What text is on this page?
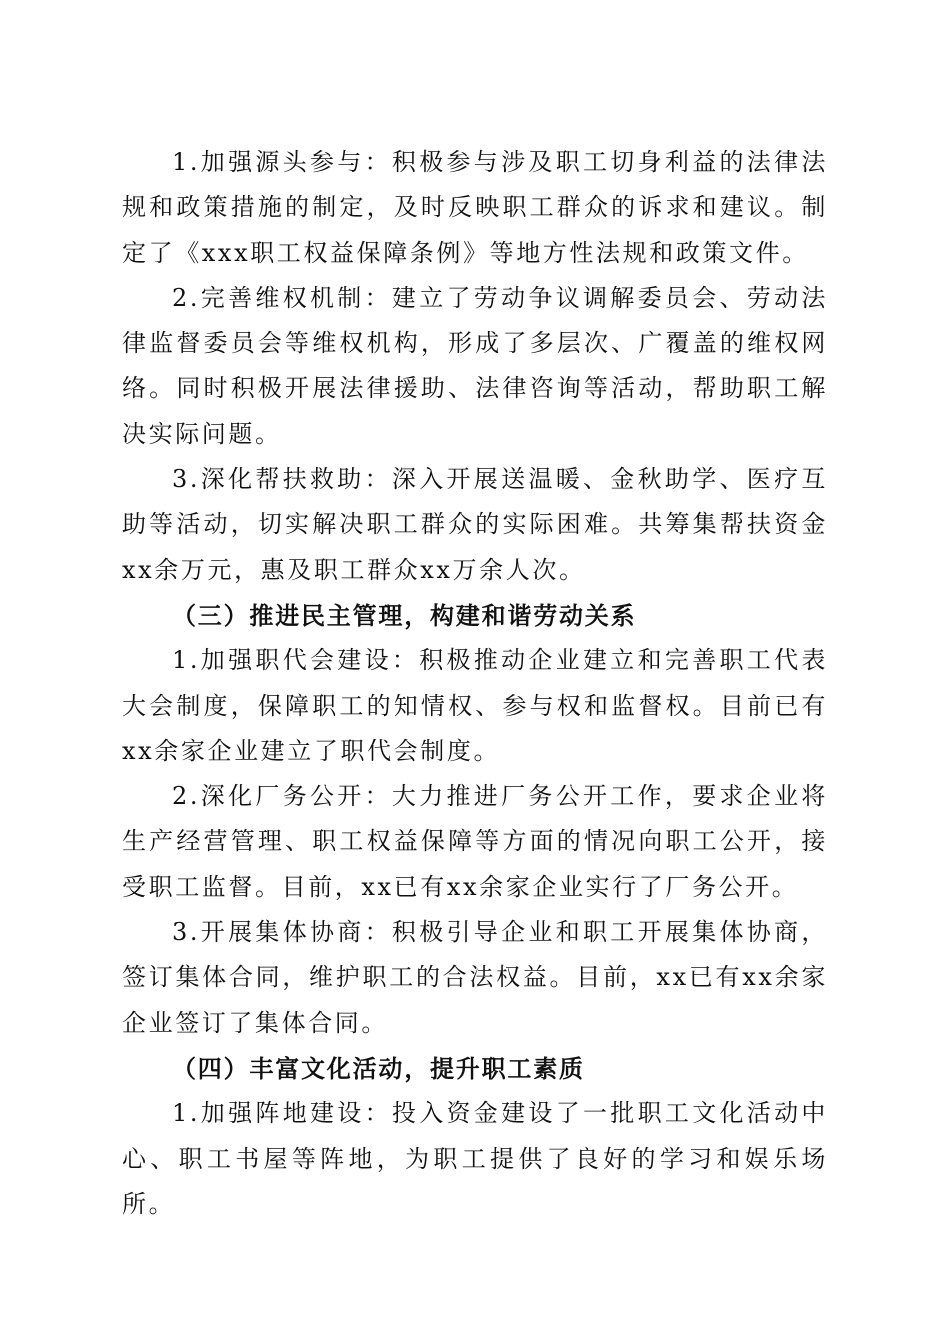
1.加强源头参与：积极参与涉及职工切身利益的法律法规和政策措施的制定，及时反映职工群众的诉求和建议。制定了《xxx职工权益保障条例》等地方性法规和政策文件。

2.完善维权机制：建立了劳动争议调解委员会、劳动法律监督委员会等维权机构，形成了多层次、广覆盖的维权网络。同时积极开展法律援助、法律咨询等活动，帮助职工解决实际问题。

3.深化帮扶救助：深入开展送温暖、金秋助学、医疗互助等活动，切实解决职工群众的实际困难。共筹集帮扶资金xx余万元，惠及职工群众xx万余人次。

（三）推进民主管理，构建和谐劳动关系

1.加强职代会建设：积极推动企业建立和完善职工代表大会制度，保障职工的知情权、参与权和监督权。目前已有xx余家企业建立了职代会制度。

2.深化厂务公开：大力推进厂务公开工作，要求企业将生产经营管理、职工权益保障等方面的情况向职工公开，接受职工监督。目前，xx已有xx余家企业实行了厂务公开。

3.开展集体协商：积极引导企业和职工开展集体协商，签订集体合同，维护职工的合法权益。目前，xx已有xx余家企业签订了集体合同。

（四）丰富文化活动，提升职工素质

1.加强阵地建设：投入资金建设了一批职工文化活动中心、职工书屋等阵地，为职工提供了良好的学习和娱乐场所。
